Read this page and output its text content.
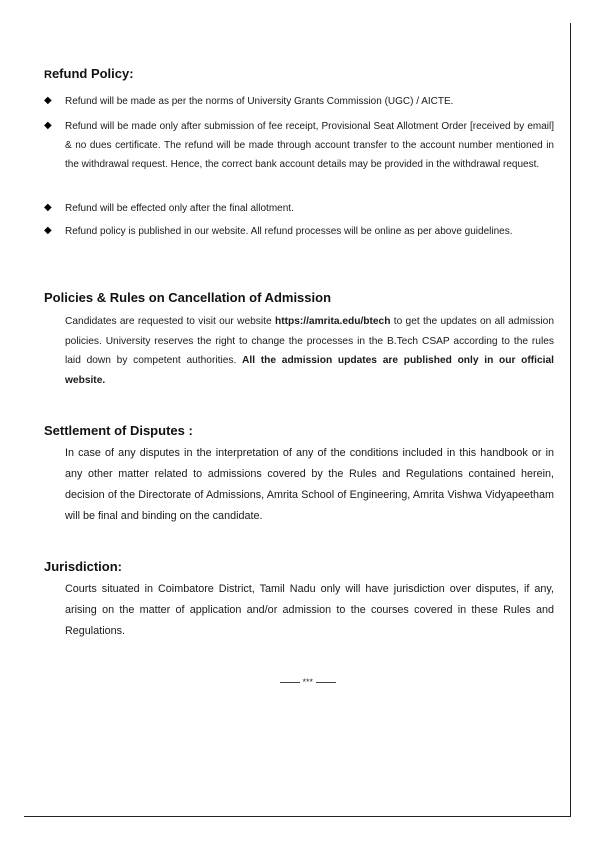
Refund Policy:
◆	Refund will be made as per the norms of University Grants Commission (UGC) / AICTE.

◆	Refund will be made only after submission of fee receipt, Provisional Seat Allotment Order [received by email] & no dues certificate. The refund will be made through account transfer to the account number mentioned in the withdrawal request. Hence, the correct bank account details may be provided in the withdrawal request.

◆	Refund will be effected only after the final allotment.

◆	Refund policy is published in our website. All refund processes will be online as per above guidelines.

Policies & Rules on Cancellation of Admission

Candidates are requested to visit our website https://amrita.edu/btech to get the updates on all admission policies. University reserves the right to change the processes in the B.Tech CSAP according to the rules laid down by competent authorities. All the admission updates are published only in our official website.

Settlement of Disputes :

In case of any disputes in the interpretation of any of the conditions included in this handbook or in any other matter related to admissions covered by the Rules and Regulations contained herein, decision of the Directorate of Admissions, Amrita School of Engineering, Amrita Vishwa Vidyapeetham will be final and binding on the candidate.

Jurisdiction:

Courts situated in Coimbatore District, Tamil Nadu only will have jurisdiction over disputes, if any, arising on the matter of application and/or admission to the courses covered in these Rules and Regulations.

***
